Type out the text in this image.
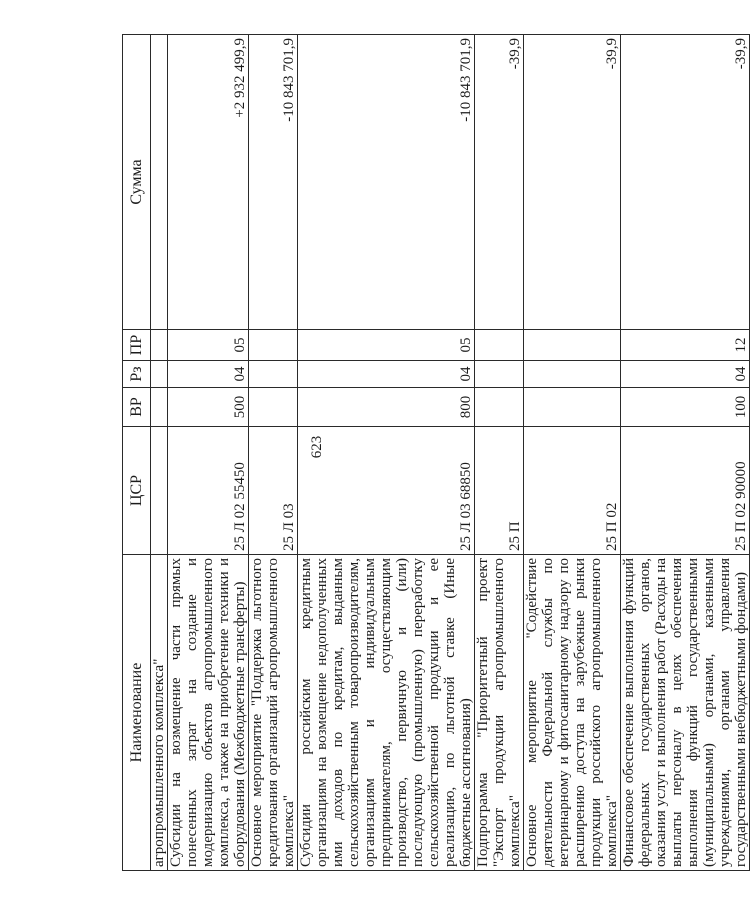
623
Наименование	ЦСР	ВР	Рз	ПР	Сумма
агропромышленного комплекса"					
Субсидии на возмещение части прямых понесенных затрат на создание и модернизацию объектов агропромышленного комплекса, а также на приобретение техники и оборудования (Межбюджетные трансферты)	25 Л 02 55450	500	04	05	+2 932 499,9
Основное мероприятие "Поддержка льготного кредитования организаций агропромышленного комплекса"	25 Л 03				-10 843 701,9
Субсидии российским кредитным организациям на возмещение недополученных ими доходов по кредитам, выданным сельскохозяйственным товаропроизводителям, организациям и индивидуальным предпринимателям, осуществляющим производство, первичную и (или) последующую (промышленную) переработку сельскохозяйственной продукции и ее реализацию, по льготной ставке (Иные бюджетные ассигнования)	25 Л 03 68850	800	04	05	-10 843 701,9
Подпрограмма "Приоритетный проект "Экспорт продукции агропромышленного комплекса"	25 П				-39,9
Основное мероприятие "Содействие деятельности Федеральной службы по ветеринарному и фитосанитарному надзору по расширению доступа на зарубежные рынки продукции российского агропромышленного комплекса"	25 П 02				-39,9
Финансовое обеспечение выполнения функций федеральных государственных органов, оказания услуг и выполнения работ (Расходы на выплаты персоналу в целях обеспечения выполнения функций государственными (муниципальными) органами, казенными учреждениями, органами управления государственными внебюджетными фондами)	25 П 02 90000	100	04	12	-39,9
